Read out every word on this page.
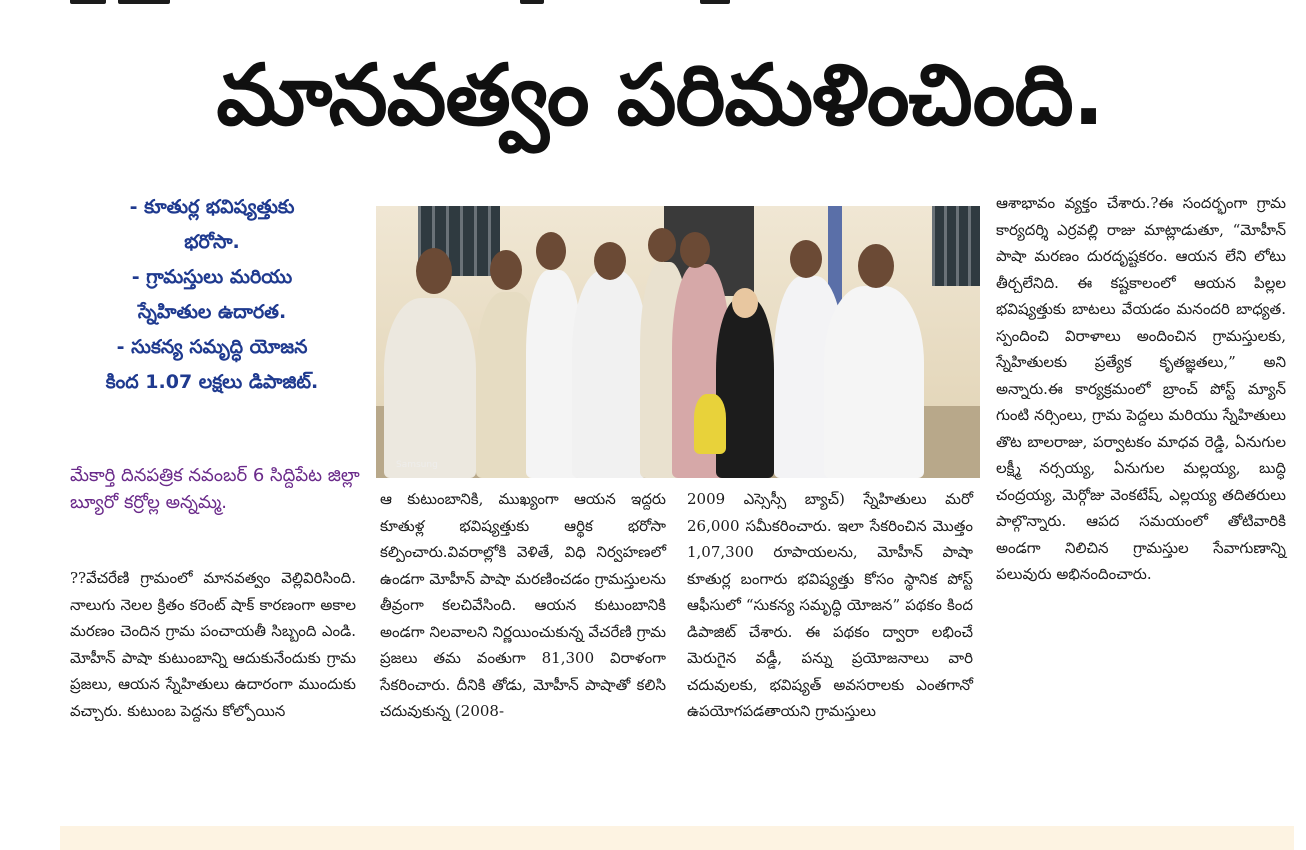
మానవత్వం పరిమళించింది.
- కూతుర్ల భవిష్యత్తుకు
భరోసా.
- గ్రామస్తులు మరియు
స్నేహితుల ఉదారత.
- సుకన్య సమృద్ధి యోజన
కింద 1.07 లక్షలు డిపాజిట్.
మేకార్తి దినపత్రిక నవంబర్ 6 సిద్దిపేట జిల్లా బ్యూరో కర్రోల్ల అన్నమ్మ.
??వేచరేణి గ్రామంలో మానవత్వం వెల్లివిరిసింది. నాలుగు నెలల క్రితం కరెంట్ షాక్ కారణంగా అకాల మరణం చెందిన గ్రామ పంచాయతీ సిబ్బంది ఎండి. మోహీన్ పాషా కుటుంబాన్ని ఆదుకునేందుకు గ్రామ ప్రజలు, ఆయన స్నేహితులు ఉదారంగా ముందుకు వచ్చారు. కుటుంబ పెద్దను కోల్పోయిన
ఆ కుటుంబానికి, ముఖ్యంగా ఆయన ఇద్దరు కూతుళ్ల భవిష్యత్తుకు ఆర్థిక భరోసా కల్పించారు.వివరాల్లోకి వెళితే, విధి నిర్వహణలో ఉండగా మోహీన్ పాషా మరణించడం గ్రామస్తులను తీవ్రంగా కలచివేసింది. ఆయన కుటుంబానికి అండగా నిలవాలని నిర్ణయించుకున్న వేచరేణి గ్రామ ప్రజలు తమ వంతుగా 81,300 విరాళంగా సేకరించారు. దీనికి తోడు, మోహీన్ పాషాతో కలిసి చదువుకున్న (2008-
2009 ఎస్సెస్సీ బ్యాచ్) స్నేహితులు మరో 26,000 సమీకరించారు. ఇలా సేకరించిన మొత్తం 1,07,300 రూపాయలను, మోహీన్ పాషా కూతుర్ల బంగారు భవిష్యత్తు కోసం స్థానిక పోస్ట్ ఆఫీసులో “సుకన్య సమృద్ధి యోజన” పథకం కింద డిపాజిట్ చేశారు. ఈ పథకం ద్వారా లభించే మెరుగైన వడ్డీ, పన్ను ప్రయోజనాలు వారి చదువులకు, భవిష్యత్ అవసరాలకు ఎంతగానో ఉపయోగపడతాయని గ్రామస్తులు
ఆశాభావం వ్యక్తం చేశారు.?ఈ సందర్భంగా గ్రామ కార్యదర్శి ఎర్రవల్లి రాజు మాట్లాడుతూ, “మోహీన్ పాషా మరణం దురదృష్టకరం. ఆయన లేని లోటు తీర్చలేనిది. ఈ కష్టకాలంలో ఆయన పిల్లల భవిష్యత్తుకు బాటలు వేయడం మనందరి బాధ్యత. స్పందించి విరాళాలు అందించిన గ్రామస్తులకు, స్నేహితులకు ప్రత్యేక కృతజ్ఞతలు,” అని అన్నారు.ఈ కార్యక్రమంలో బ్రాంచ్ పోస్ట్ మ్యాన్ గుంటి నర్సింలు, గ్రామ పెద్దలు మరియు స్నేహితులు తొట బాలరాజు, పర్వాటకం మాధవ రెడ్డి, ఏనుగుల లక్ష్మీ నర్సయ్య, ఏనుగుల మల్లయ్య, బుద్ధి చంద్రయ్య, మెర్గోజు వెంకటేష్, ఎల్లయ్య తదితరులు పాల్గొన్నారు. ఆపద సమయంలో తోటివారికి అండగా నిలిచిన గ్రామస్తుల సేవాగుణాన్ని పలువురు అభినందించారు.
Samsung
